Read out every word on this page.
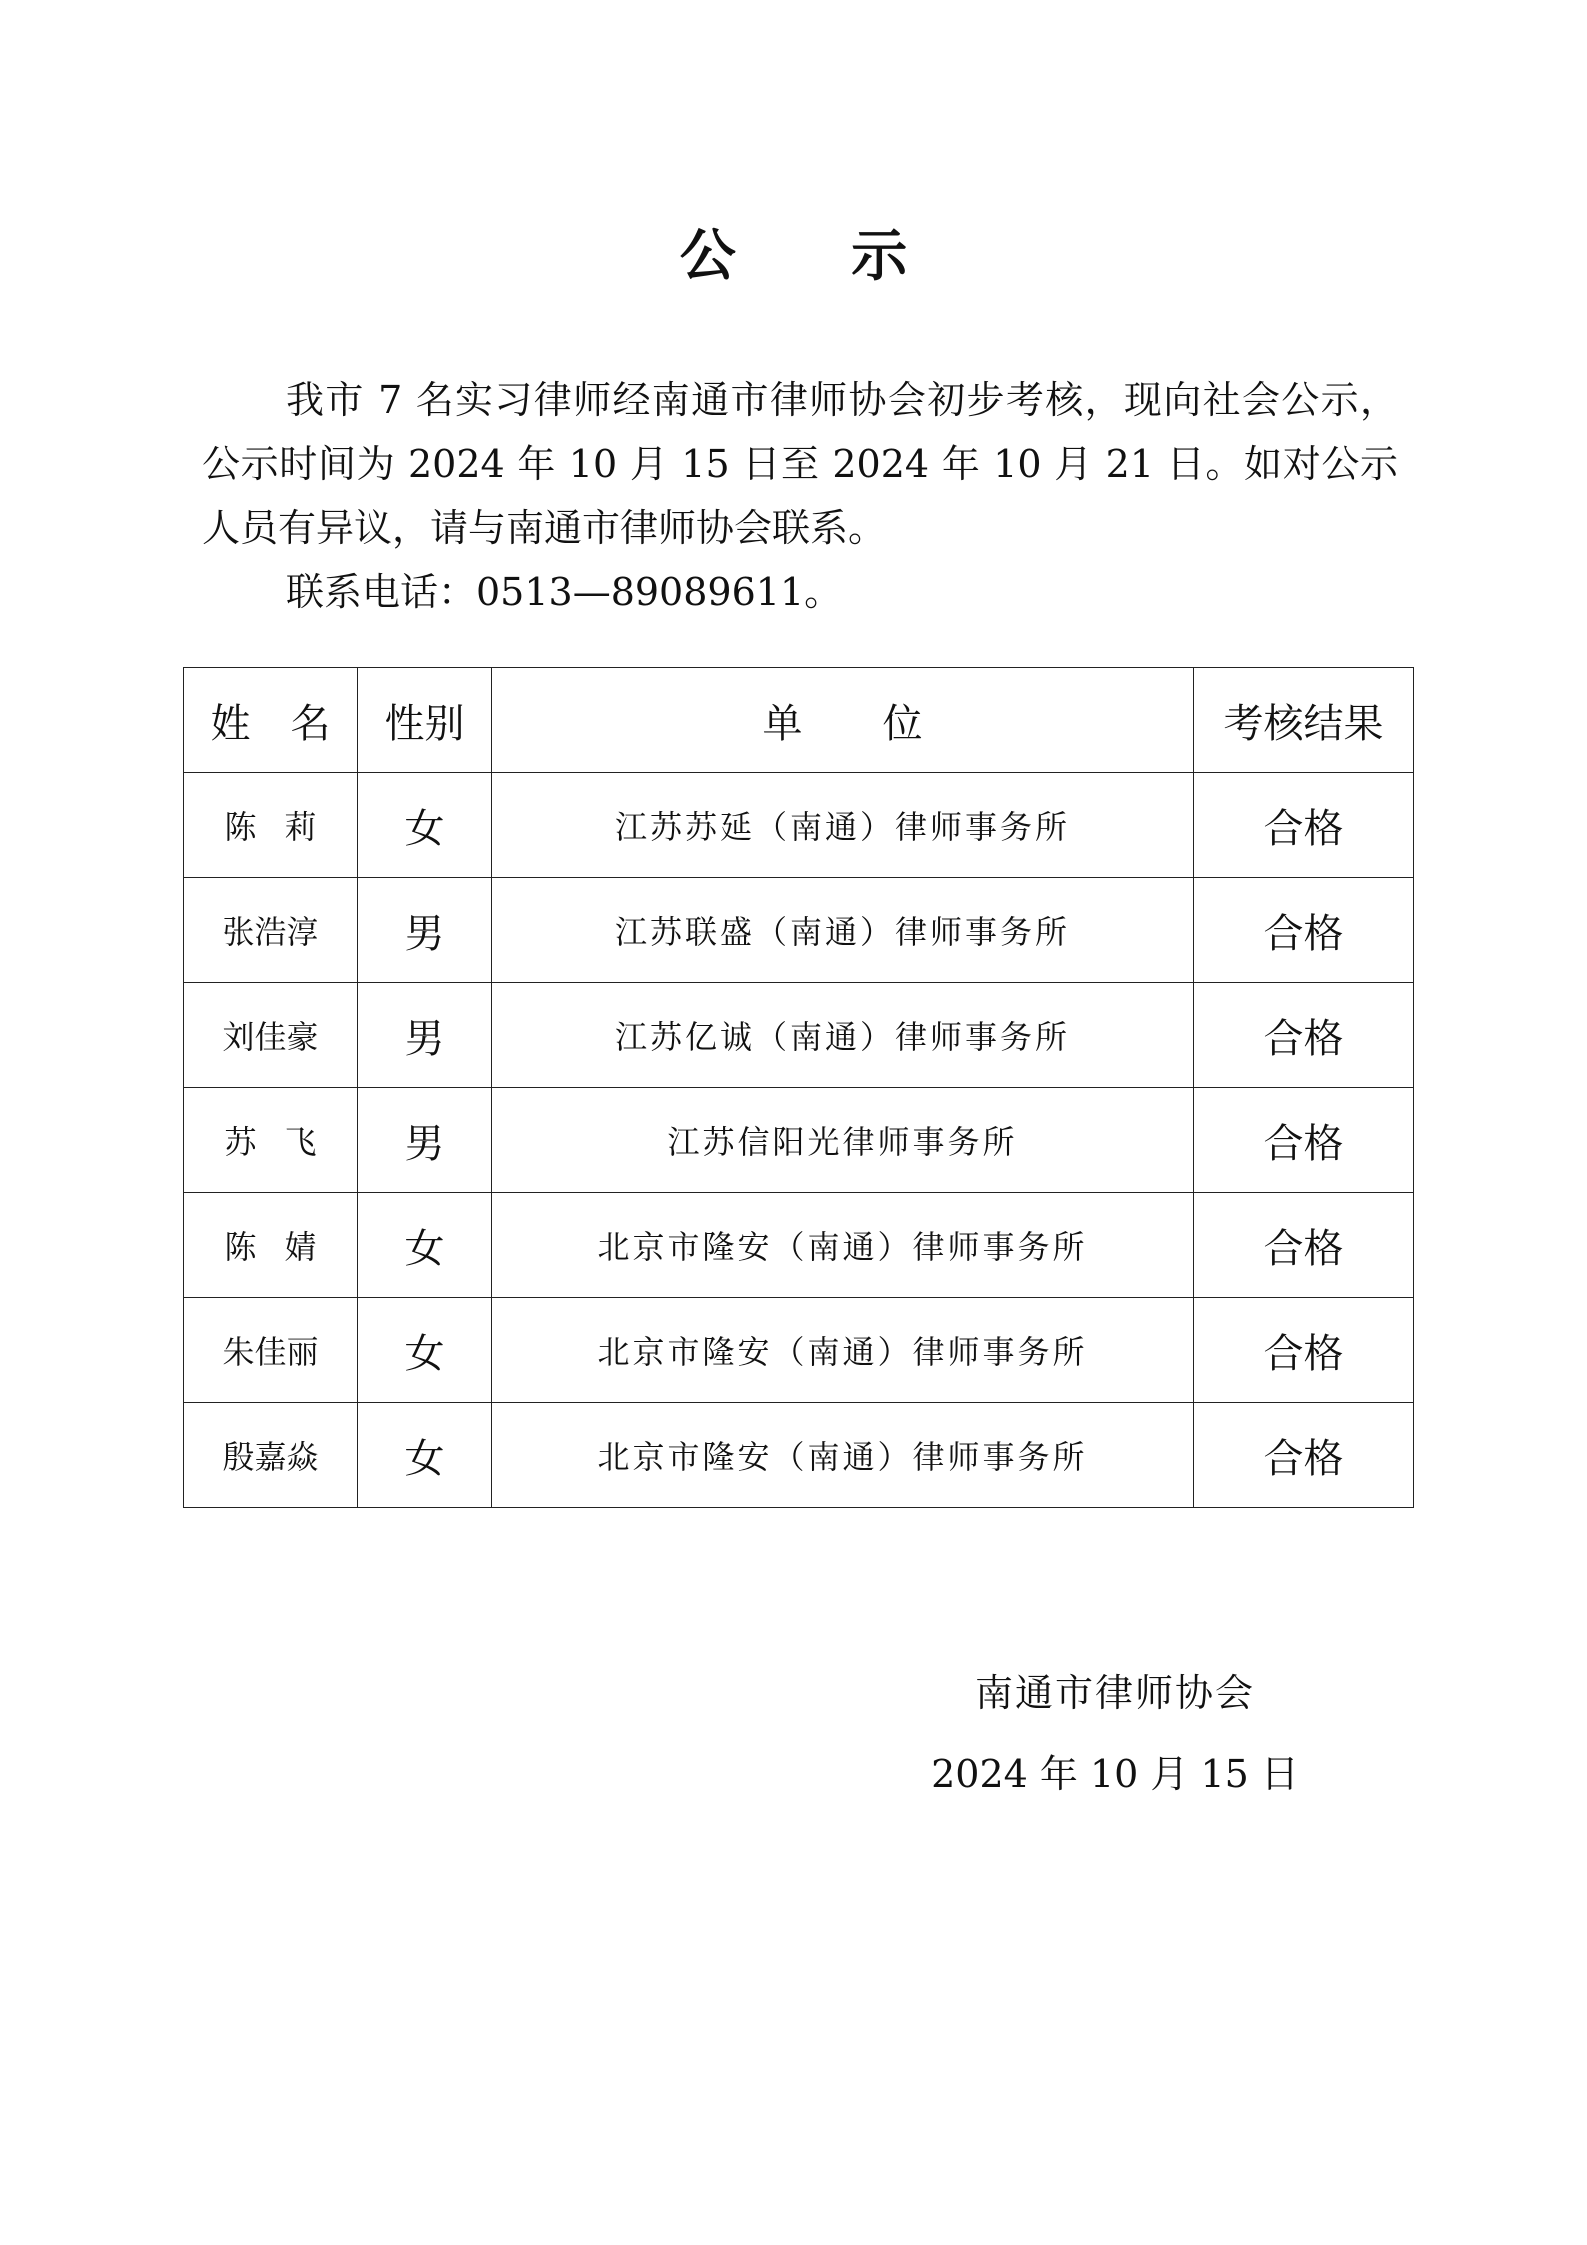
公 示

我市 7 名实习律师经南通市律师协会初步考核，现向社会公示，公示时间为 2024 年 10 月 15 日至 2024 年 10 月 21 日。如对公示人员有异议，请与南通市律师协会联系。

联系电话：0513—89089611。

姓　名	性别	单　　位	考核结果
陈莉	女	江苏苏延（南通）律师事务所	合格
张浩淳	男	江苏联盛（南通）律师事务所	合格
刘佳豪	男	江苏亿诚（南通）律师事务所	合格
苏飞	男	江苏信阳光律师事务所	合格
陈婧	女	北京市隆安（南通）律师事务所	合格
朱佳丽	女	北京市隆安（南通）律师事务所	合格
殷嘉焱	女	北京市隆安（南通）律师事务所	合格
南通市律师协会
2024 年 10 月 15 日
